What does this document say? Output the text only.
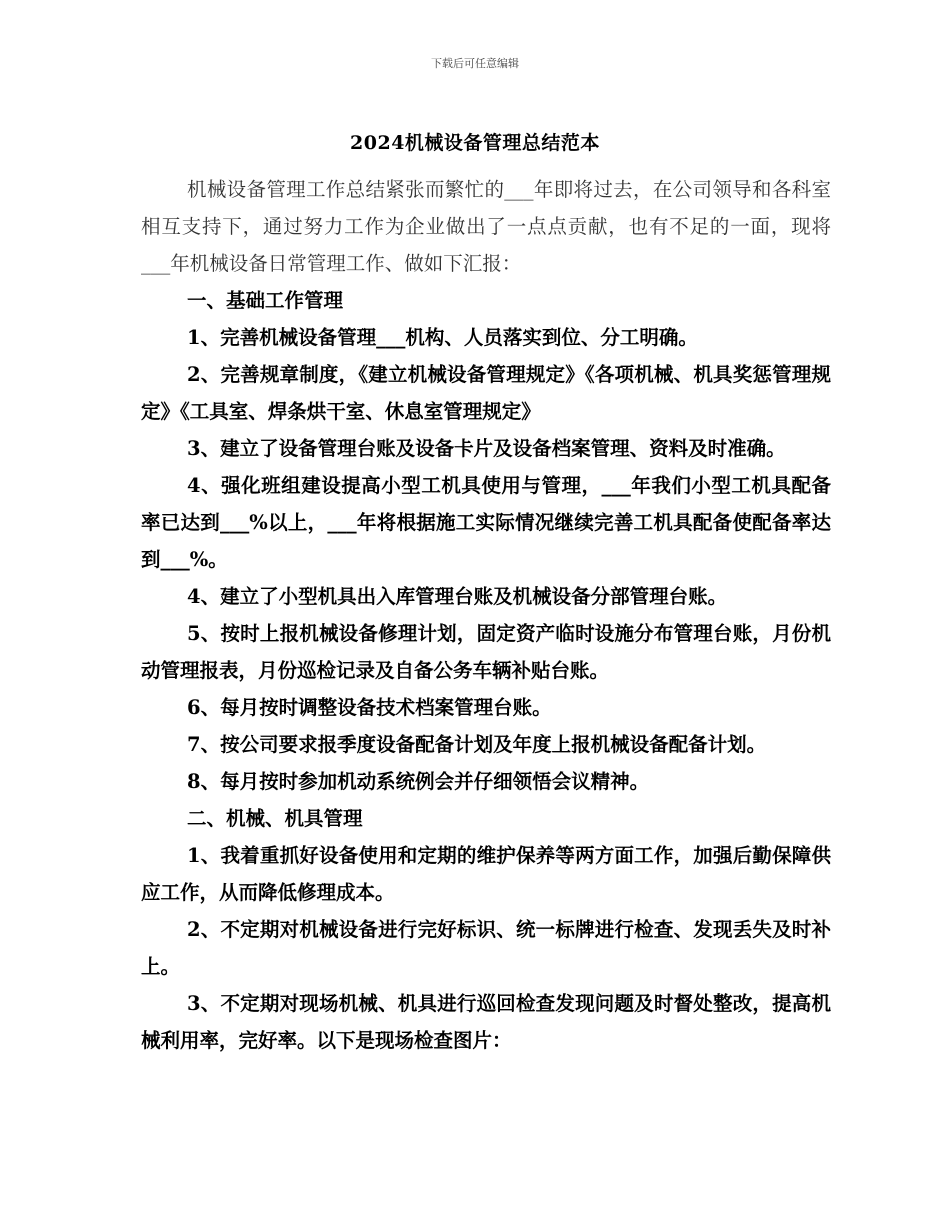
下载后可任意编辑
2024机械设备管理总结范本

机械设备管理工作总结紧张而繁忙的___年即将过去，在公司领导和各科室相互支持下，通过努力工作为企业做出了一点点贡献，也有不足的一面，现将___年机械设备日常管理工作、做如下汇报：

一、基础工作管理

1、完善机械设备管理___机构、人员落实到位、分工明确。

2、完善规章制度，《建立机械设备管理规定》《各项机械、机具奖惩管理规定》《工具室、焊条烘干室、休息室管理规定》

3、建立了设备管理台账及设备卡片及设备档案管理、资料及时准确。

4、强化班组建设提高小型工机具使用与管理，___年我们小型工机具配备率已达到___%以上，___年将根据施工实际情况继续完善工机具配备使配备率达到___%。

4、建立了小型机具出入库管理台账及机械设备分部管理台账。

5、按时上报机械设备修理计划，固定资产临时设施分布管理台账，月份机动管理报表，月份巡检记录及自备公务车辆补贴台账。

6、每月按时调整设备技术档案管理台账。

7、按公司要求报季度设备配备计划及年度上报机械设备配备计划。

8、每月按时参加机动系统例会并仔细领悟会议精神。

二、机械、机具管理

1、我着重抓好设备使用和定期的维护保养等两方面工作，加强后勤保障供应工作，从而降低修理成本。

2、不定期对机械设备进行完好标识、统一标牌进行检查、发现丢失及时补上。

3、不定期对现场机械、机具进行巡回检查发现问题及时督处整改，提高机械利用率，完好率。以下是现场检查图片：
